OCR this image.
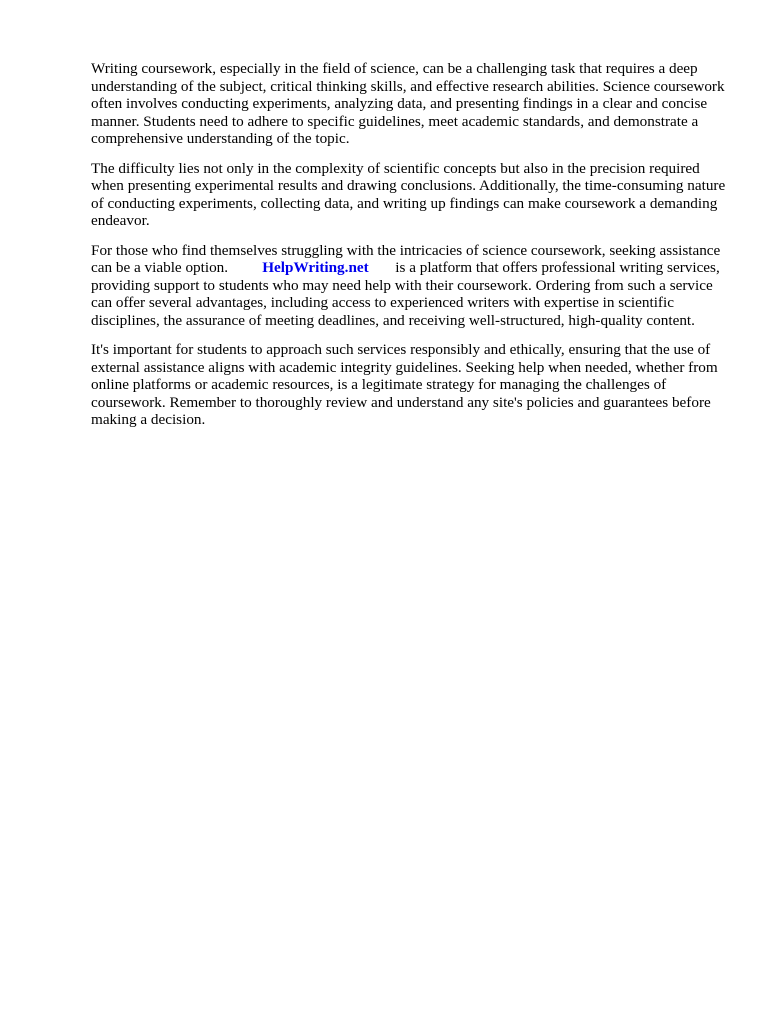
Writing coursework, especially in the field of science, can be a challenging task that requires a deep understanding of the subject, critical thinking skills, and effective research abilities. Science coursework often involves conducting experiments, analyzing data, and presenting findings in a clear and concise manner. Students need to adhere to specific guidelines, meet academic standards, and demonstrate a comprehensive understanding of the topic.

The difficulty lies not only in the complexity of scientific concepts but also in the precision required when presenting experimental results and drawing conclusions. Additionally, the time-consuming nature of conducting experiments, collecting data, and writing up findings can make coursework a demanding endeavor.

For those who find themselves struggling with the intricacies of science coursework, seeking assistance can be a viable option. HelpWriting.net is a platform that offers professional writing services, providing support to students who may need help with their coursework. Ordering from such a service can offer several advantages, including access to experienced writers with expertise in scientific disciplines, the assurance of meeting deadlines, and receiving well-structured, high-quality content.

It's important for students to approach such services responsibly and ethically, ensuring that the use of external assistance aligns with academic integrity guidelines. Seeking help when needed, whether from online platforms or academic resources, is a legitimate strategy for managing the challenges of coursework. Remember to thoroughly review and understand any site's policies and guarantees before making a decision.
